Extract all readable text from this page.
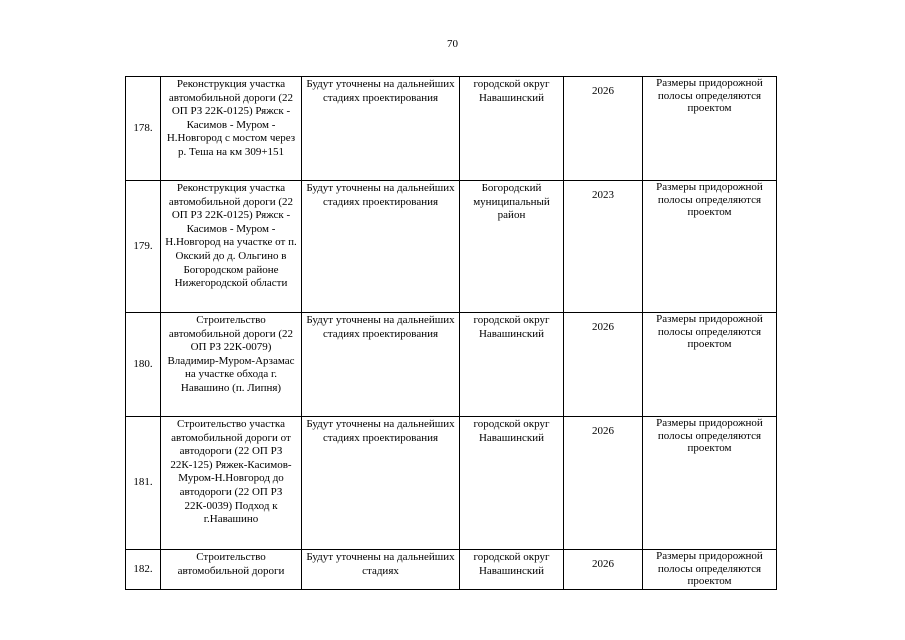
70
178.	Реконструкция участка автомобильной дороги (22 ОП РЗ 22К-0125) Ряжск - Касимов - Муром - Н.Новгород с мостом через р. Теша на км 309+151	Будут уточнены на дальнейших стадиях проектирования	городской округ Навашинский	2026	Размеры придорожной полосы определяются проектом
179.	Реконструкция участка автомобильной дороги (22 ОП РЗ 22К-0125) Ряжск - Касимов - Муром - Н.Новгород на участке от п. Окский до д. Ольгино в Богородском районе Нижегородской области	Будут уточнены на дальнейших стадиях проектирования	Богородский муниципальный район	2023	Размеры придорожной полосы определяются проектом
180.	Строительство автомобильной дороги (22 ОП РЗ 22К-0079) Владимир-Муром-Арзамас на участке обхода г. Навашино (п. Липня)	Будут уточнены на дальнейших стадиях проектирования	городской округ Навашинский	2026	Размеры придорожной полосы определяются проектом
181.	Строительство участка автомобильной дороги от автодороги (22 ОП РЗ 22К-125) Ряжек-Касимов- Муром-Н.Новгород до автодороги (22 ОП РЗ 22К-0039) Подход к г.Навашино	Будут уточнены на дальнейших стадиях проектирования	городской округ Навашинский	2026	Размеры придорожной полосы определяются проектом
182.	Строительство автомобильной дороги	Будут уточнены на дальнейших стадиях	городской округ Навашинский	2026	Размеры придорожной полосы определяются проектом
